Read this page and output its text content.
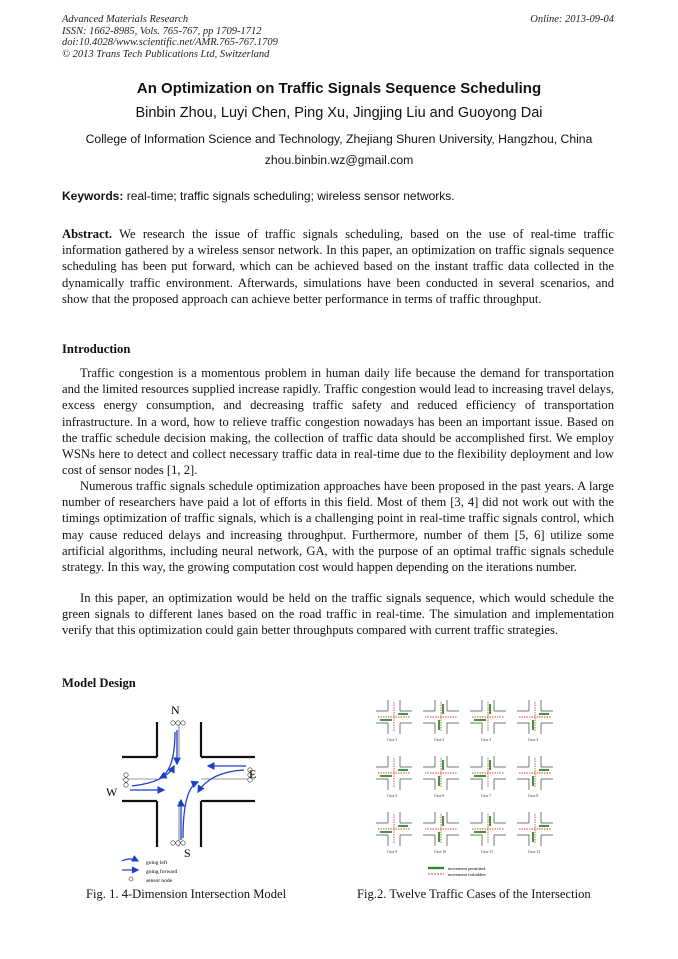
Advanced Materials Research
ISSN: 1662-8985, Vols. 765-767, pp 1709-1712
doi:10.4028/www.scientific.net/AMR.765-767.1709
© 2013 Trans Tech Publications Ltd, Switzerland
Online: 2013-09-04
An Optimization on Traffic Signals Sequence Scheduling
Binbin Zhou, Luyi Chen, Ping Xu, Jingjing Liu and Guoyong Dai
College of Information Science and Technology, Zhejiang Shuren University, Hangzhou, China
zhou.binbin.wz@gmail.com
Keywords: real-time; traffic signals scheduling; wireless sensor networks.
Abstract. We research the issue of traffic signals scheduling, based on the use of real-time traffic information gathered by a wireless sensor network. In this paper, an optimization on traffic signals sequence scheduling has been put forward, which can be achieved based on the instant traffic data collected in the dynamically traffic environment. Afterwards, simulations have been conducted in several scenarios, and show that the proposed approach can achieve better performance in terms of traffic throughput.
Introduction
Traffic congestion is a momentous problem in human daily life because the demand for transportation and the limited resources supplied increase rapidly. Traffic congestion would lead to increasing travel delays, excess energy consumption, and decreasing traffic safety and reduced efficiency of transportation infrastructure. In a word, how to relieve traffic congestion nowadays has been an important issue. Based on the traffic schedule decision making, the collection of traffic data should be accomplished first. We employ WSNs here to detect and collect necessary traffic data in real-time due to the flexibility deployment and low cost of sensor nodes [1, 2].
Numerous traffic signals schedule optimization approaches have been proposed in the past years. A large number of researchers have paid a lot of efforts in this field. Most of them [3, 4] did not work out with the timings optimization of traffic signals, which is a challenging point in real-time traffic signals control, which may cause reduced delays and increasing throughput. Furthermore, number of them [5, 6] utilize some artificial algorithms, including neural network, GA, with the purpose of an optimal traffic signals schedule strategy. In this way, the growing computation cost would happen depending on the iterations number.
In this paper, an optimization would be held on the traffic signals sequence, which would schedule the green signals to different lanes based on the road traffic in real-time. The simulation and implementation verify that this optimization could gain better throughputs compared with current traffic strategies.
Model Design
N
S
E
W
going left
going forward
sensor node
Case 1	Case 2	Case 3	Case 4
Case 5	Case 6	Case 7	Case 8
Case 9	Case 10	Case 11	Case 12
movement permitted
movement forbidden
Fig. 1. 4-Dimension Intersection Model	Fig.2. Twelve Traffic Cases of the Intersection
